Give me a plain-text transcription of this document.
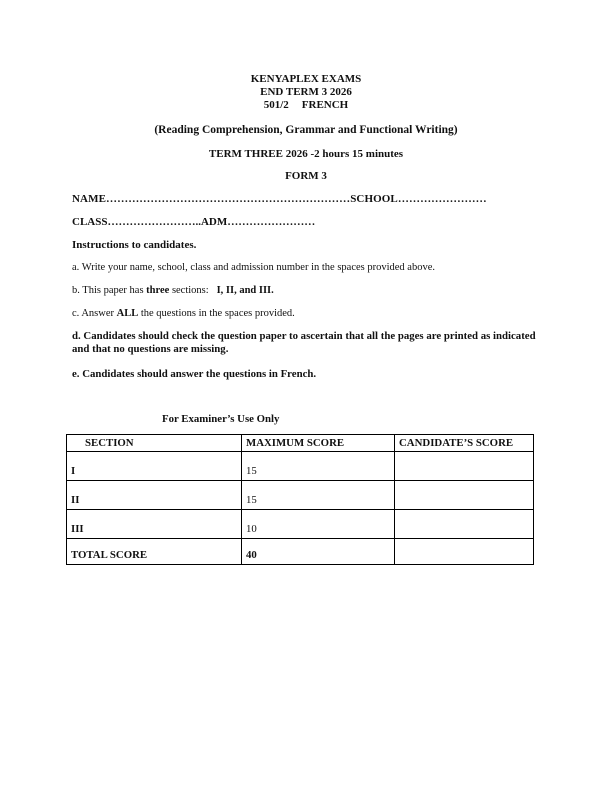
KENYAPLEX EXAMS
END TERM 3 2026
501/2 FRENCH
(Reading Comprehension, Grammar and Functional Writing)
TERM THREE 2026 -2 hours 15 minutes
FORM 3
NAME…………………………………………………………SCHOOL……………………
CLASS……………………..ADM……………………
Instructions to candidates.
a. Write your name, school, class and admission number in the spaces provided above.
b. This paper has three sections:   I, II, and III.
c. Answer ALL the questions in the spaces provided.
d. Candidates should check the question paper to ascertain that all the pages are printed as indicated and that no questions are missing.
e. Candidates should answer the questions in French.
For Examiner’s Use Only
SECTION	MAXIMUM SCORE	CANDIDATE’S SCORE
I	15	
II	15	
III	10	
TOTAL SCORE	40	
